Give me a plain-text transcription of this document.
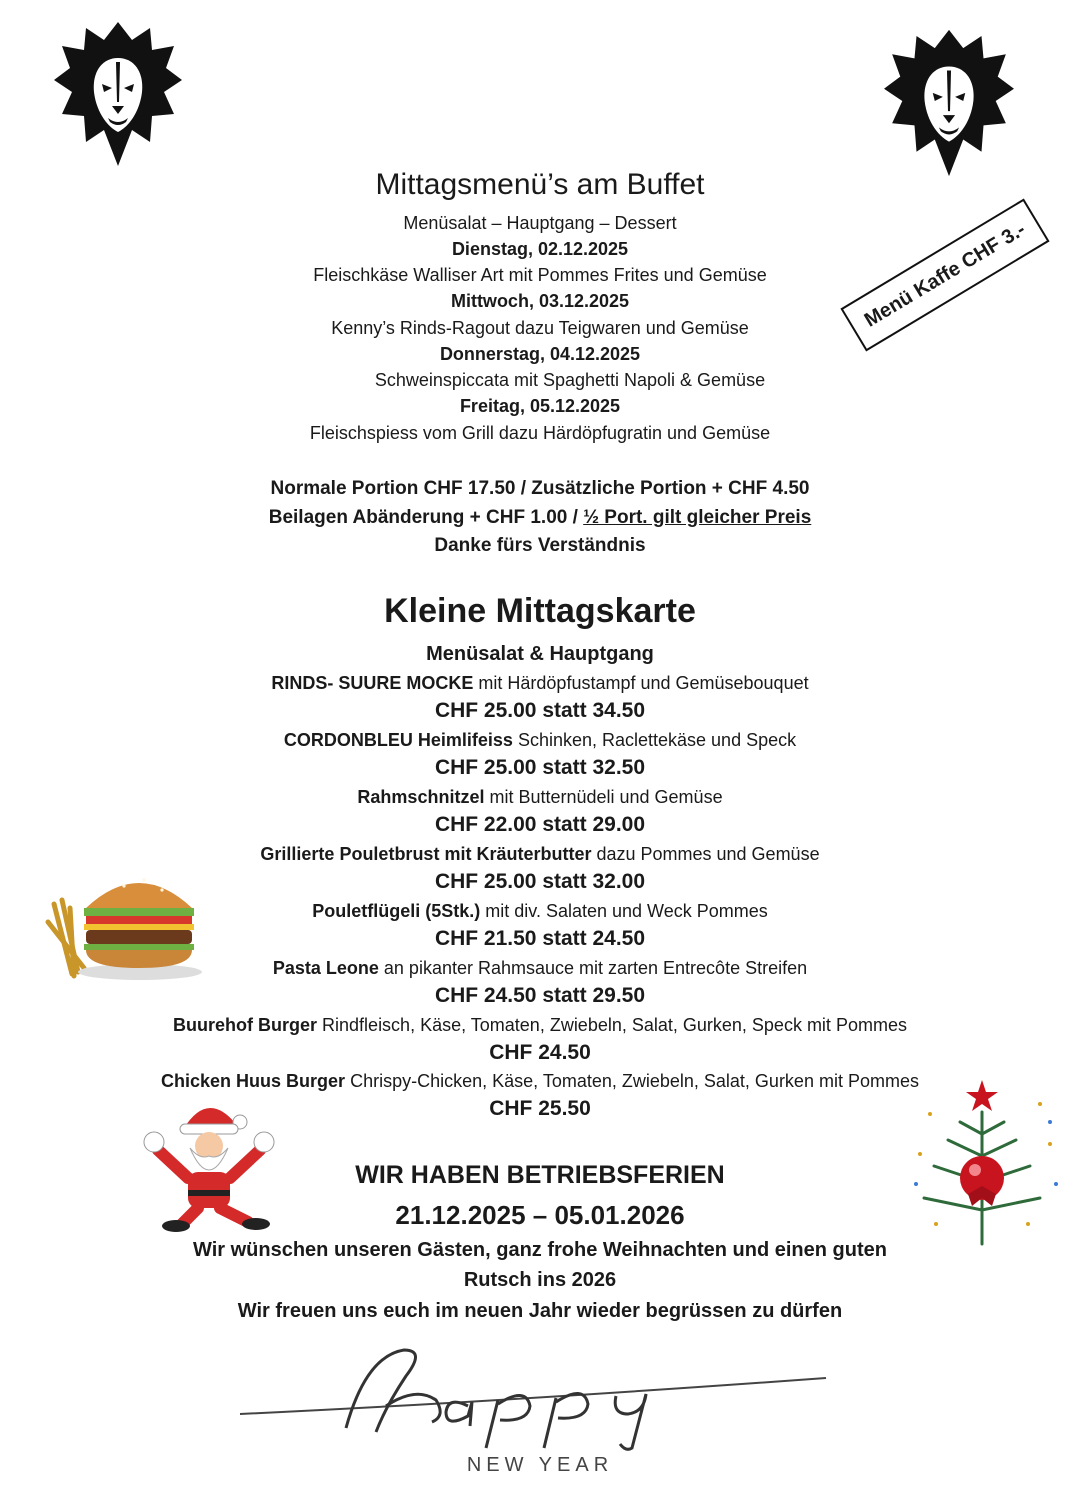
Menü Kaffe CHF 3.-
Mittagsmenü’s am Buffet
Menüsalat – Hauptgang – Dessert
Dienstag, 02.12.2025
Fleischkäse Walliser Art mit Pommes Frites und Gemüse
Mittwoch, 03.12.2025
Kenny’s Rinds-Ragout dazu Teigwaren und Gemüse
Donnerstag, 04.12.2025
Schweinspiccata mit Spaghetti Napoli & Gemüse
Freitag, 05.12.2025
Fleischspiess vom Grill dazu Härdöpfugratin und Gemüse
Normale Portion CHF 17.50 / Zusätzliche Portion + CHF 4.50
Beilagen Abänderung + CHF 1.00 / ½ Port. gilt gleicher Preis
Danke fürs Verständnis
Kleine Mittagskarte
Menüsalat & Hauptgang
RINDS- SUURE MOCKE mit Härdöpfustampf und Gemüsebouquet
CHF 25.00 statt 34.50
CORDONBLEU Heimlifeiss Schinken, Raclettekäse und Speck
CHF 25.00 statt 32.50
Rahmschnitzel mit Butternüdeli und Gemüse
CHF 22.00 statt 29.00
Grillierte Pouletbrust mit Kräuterbutter dazu Pommes und Gemüse
CHF 25.00 statt 32.00
Pouletflügeli (5Stk.) mit div. Salaten und Weck Pommes
CHF 21.50 statt 24.50
Pasta Leone an pikanter Rahmsauce mit zarten Entrecôte Streifen
CHF 24.50 statt 29.50
Buurehof Burger Rindfleisch, Käse, Tomaten, Zwiebeln, Salat, Gurken, Speck mit Pommes
CHF 24.50
Chicken Huus Burger Chrispy-Chicken, Käse, Tomaten, Zwiebeln, Salat, Gurken mit Pommes
CHF 25.50
WIR HABEN BETRIEBSFERIEN
21.12.2025 – 05.01.2026
Wir wünschen unseren Gästen, ganz frohe Weihnachten und einen guten
Rutsch ins 2026
Wir freuen uns euch im neuen Jahr wieder begrüssen zu dürfen
happy
NEW YEAR
